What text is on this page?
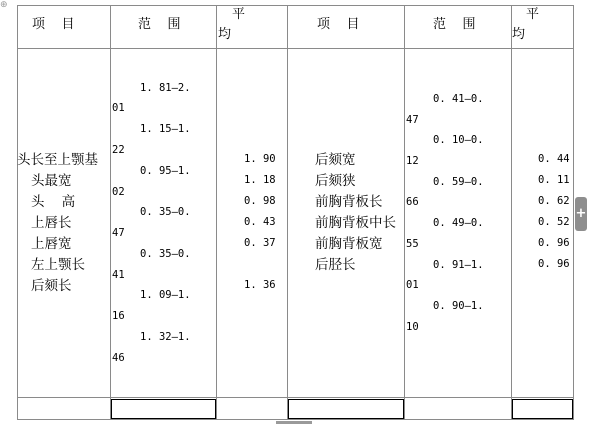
⊕
项    目	范    围
平
均
项    目	范    围
平
均
头长至上颚基
头最宽
头    高
上唇长
上唇宽
左上颚长
后颏长
1. 81—2.
01
1. 15—1.
22
0. 95—1.
02
0. 35—0.
47
0. 35—0.
41
1. 09—1.
16
1. 32—1.
46
1. 90
1. 18
0. 98
0. 43
0. 37
1. 36
后颏宽
后颏狭
前胸背板长
前胸背板中长
前胸背板宽
后胫长
0. 41—0.
47
0. 10—0.
12
0. 59—0.
66
0. 49—0.
55
0. 91—1.
01
0. 90—1.
10
0. 44
0. 11
0. 62
0. 52
0. 96
0. 96
+
